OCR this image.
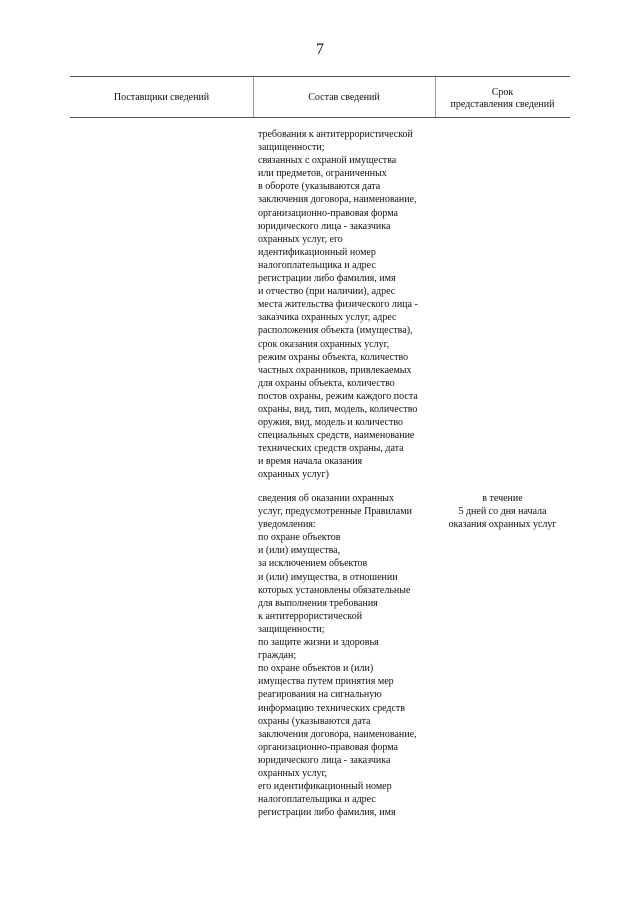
7
Поставщики сведений	Состав сведений	Срок
представления сведений
требования к антитеррористической
защищенности;
связанных с охраной имущества
или предметов, ограниченных
в обороте (указываются дата
заключения договора, наименование,
организационно-правовая форма
юридического лица - заказчика
охранных услуг, его
идентификационный номер
налогоплательщика и адрес
регистрации либо фамилия, имя
и отчество (при наличии), адрес
места жительства физического лица -
заказчика охранных услуг, адрес
расположения объекта (имущества),
срок оказания охранных услуг,
режим охраны объекта, количество
частных охранников, привлекаемых
для охраны объекта, количество
постов охраны, режим каждого поста
охраны, вид, тип, модель, количество
оружия, вид, модель и количество
специальных средств, наименование
технических средств охраны, дата
и время начала оказания
охранных услуг)
сведения об оказании охранных
услуг, предусмотренные Правилами
уведомления:
по охране объектов
и (или) имущества,
за исключением объектов
и (или) имущества, в отношении
которых установлены обязательные
для выполнения требования
к антитеррористической
защищенности;
по защите жизни и здоровья
граждан;
по охране объектов и (или)
имущества путем принятия мер
реагирования на сигнальную
информацию технических средств
охраны (указываются дата
заключения договора, наименование,
организационно-правовая форма
юридического лица - заказчика
охранных услуг,
его идентификационный номер
налогоплательщика и адрес
регистрации либо фамилия, имя
в течение
5 дней со дня начала
оказания охранных услуг
